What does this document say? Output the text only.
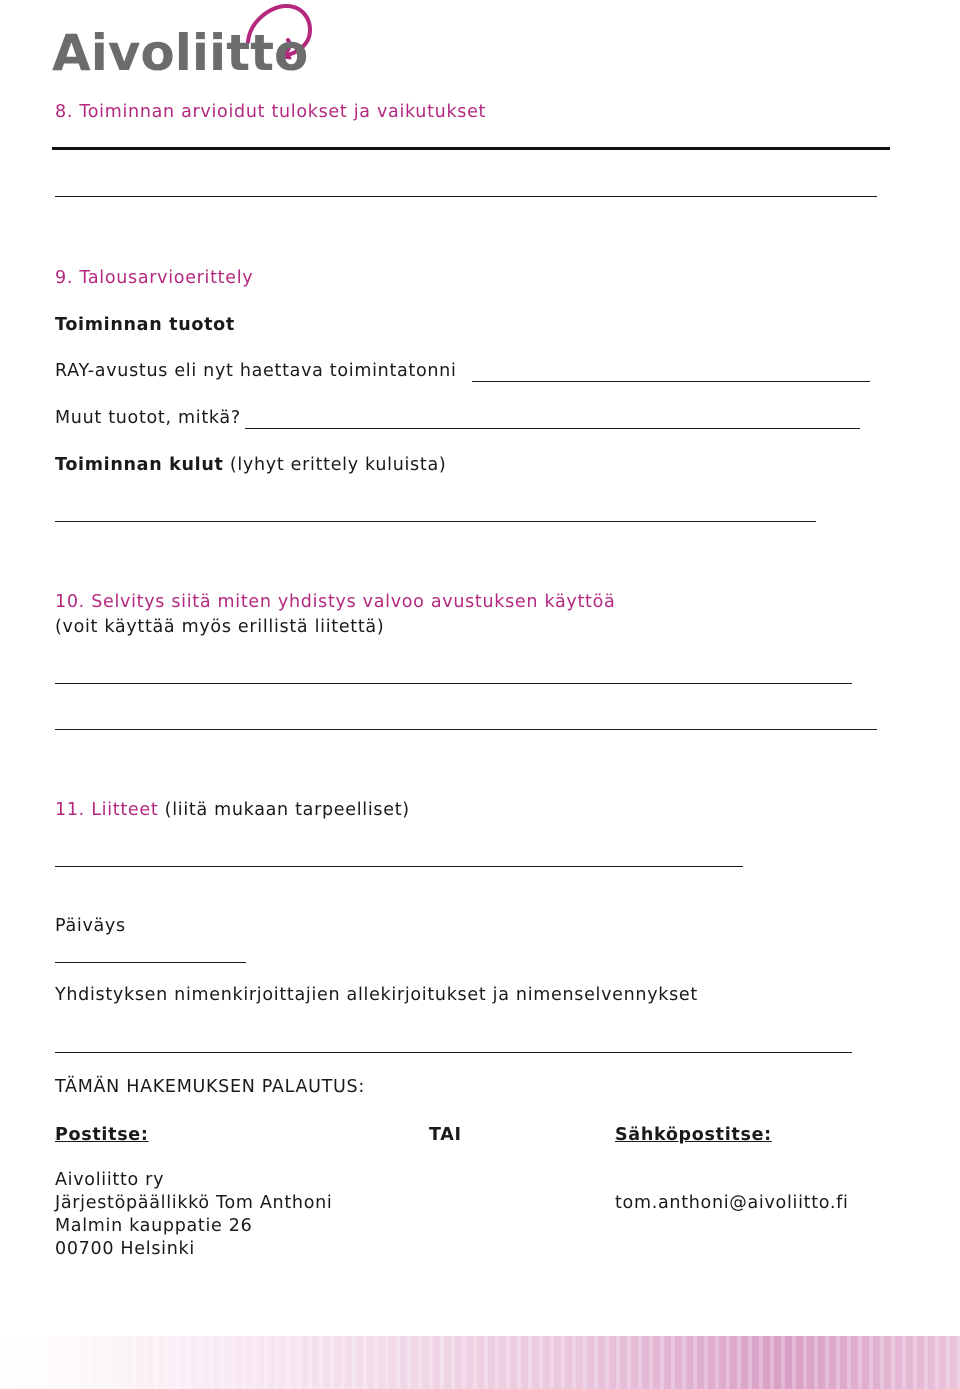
Aivoliitto
8. Toiminnan arvioidut tulokset ja vaikutukset
9. Talousarvioerittely
Toiminnan tuotot
RAY-avustus eli nyt haettava toimintatonni
Muut tuotot, mitkä?
Toiminnan kulut (lyhyt erittely kuluista)
10. Selvitys siitä miten yhdistys valvoo avustuksen käyttöä
(voit käyttää myös erillistä liitettä)
11. Liitteet (liitä mukaan tarpeelliset)
Päiväys
Yhdistyksen nimenkirjoittajien allekirjoitukset ja nimenselvennykset
TÄMÄN HAKEMUKSEN PALAUTUS:
Postitse:	TAI	Sähköpostitse:
Aivoliitto ry
Järjestöpäällikkö Tom Anthoni
Malmin kauppatie 26
00700 Helsinki
tom.anthoni@aivoliitto.fi
